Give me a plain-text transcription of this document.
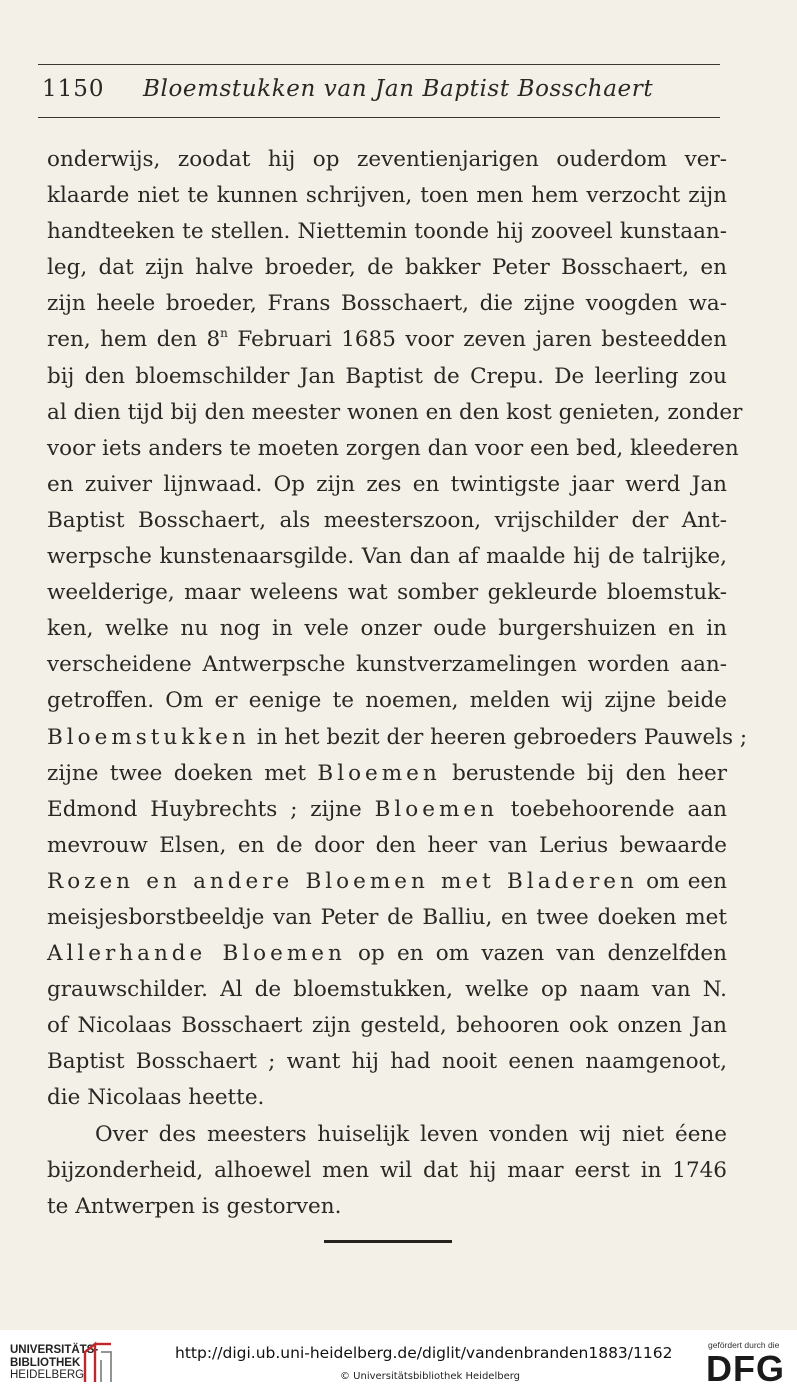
1150 Bloemstukken van Jan Baptist Bosschaert
onderwijs, zoodat hij op zeventienjarigen ouderdom ver-
klaarde niet te kunnen schrijven, toen men hem verzocht zijn
handteeken te stellen. Niettemin toonde hij zooveel kunstaan-
leg, dat zijn halve broeder, de bakker Peter Bosschaert, en
zijn heele broeder, Frans Bosschaert, die zijne voogden wa-
ren, hem den 8$^n$ Februari 1685 voor zeven jaren besteedden
bij den bloemschilder Jan Baptist de Crepu. De leerling zou
al dien tijd bij den meester wonen en den kost genieten, zonder
voor iets anders te moeten zorgen dan voor een bed, kleederen
en zuiver lijnwaad. Op zijn zes en twintigste jaar werd Jan
Baptist Bosschaert, als meesterszoon, vrijschilder der Ant-
werpsche kunstenaarsgilde. Van dan af maalde hij de talrijke,
weelderige, maar weleens wat somber gekleurde bloemstuk-
ken, welke nu nog in vele onzer oude burgershuizen en in
verscheidene Antwerpsche kunstverzamelingen worden aan-
getroffen. Om er eenige te noemen, melden wij zijne beide
Bloemstukken in het bezit der heeren gebroeders Pauwels ;
zijne twee doeken met Bloemen berustende bij den heer
Edmond Huybrechts ; zijne Bloemen toebehoorende aan
mevrouw Elsen, en de door den heer van Lerius bewaarde
Rozen en andere Bloemen met Bladeren om een
meisjesborstbeeldje van Peter de Balliu, en twee doeken met
Allerhande Bloemen op en om vazen van denzelfden
grauwschilder. Al de bloemstukken, welke op naam van N.
of Nicolaas Bosschaert zijn gesteld, behooren ook onzen Jan
Baptist Bosschaert ; want hij had nooit eenen naamgenoot,
die Nicolaas heette.
Over des meesters huiselijk leven vonden wij niet éene
bijzonderheid, alhoewel men wil dat hij maar eerst in 1746
te Antwerpen is gestorven.
UNIVERSITÄTS-
BIBLIOTHEK
HEIDELBERG
http://digi.ub.uni-heidelberg.de/diglit/vandenbranden1883/1162
© Universitätsbibliothek Heidelberg
gefördert durch die
DFG
